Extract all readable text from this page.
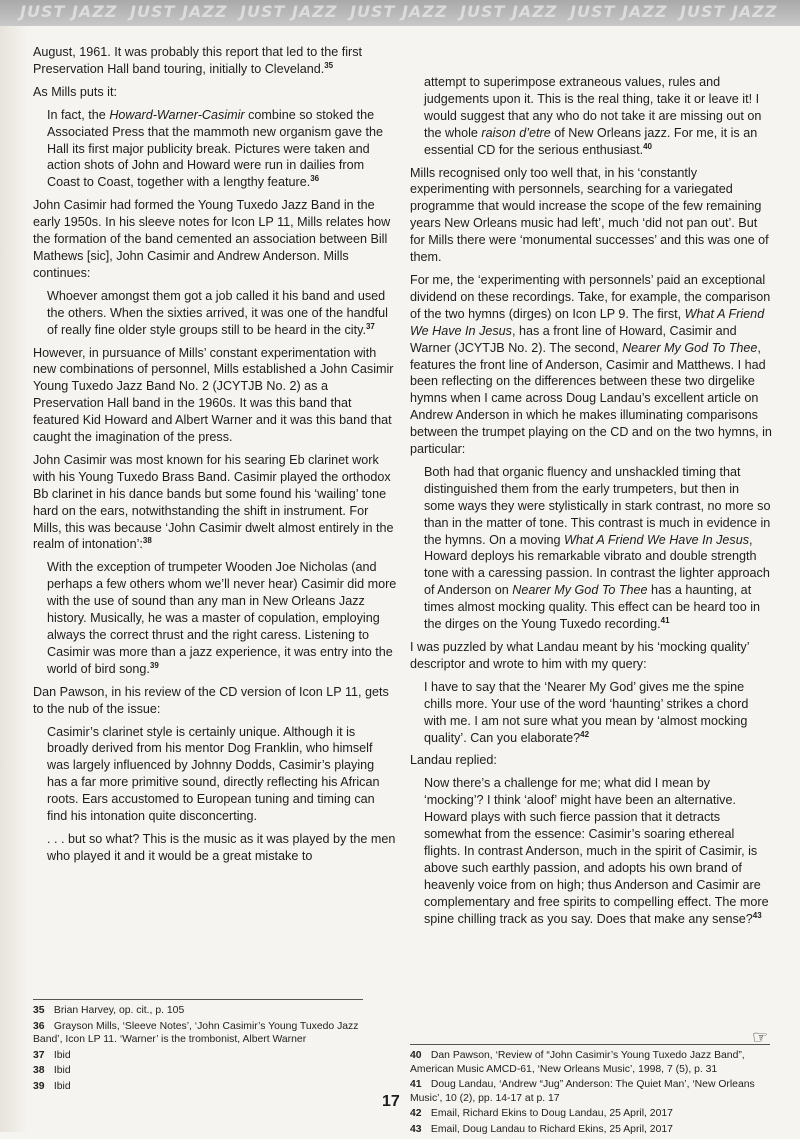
JUST JAZZ JUST JAZZ JUST JAZZ JUST JAZZ JUST JAZZ JUST JAZZ JUST JAZZ

August, 1961. It was probably this report that led to the first Preservation Hall band touring, initially to Cleveland.$^{35}$

As Mills puts it:

In fact, the Howard-Warner-Casimir combine so stoked the Associated Press that the mammoth new organism gave the Hall its first major publicity break. Pictures were taken and action shots of John and Howard were run in dailies from Coast to Coast, together with a lengthy feature.$^{36}$

John Casimir had formed the Young Tuxedo Jazz Band in the early 1950s. In his sleeve notes for Icon LP 11, Mills relates how the formation of the band cemented an association between Bill Mathews [sic], John Casimir and Andrew Anderson. Mills continues:

Whoever amongst them got a job called it his band and used the others. When the sixties arrived, it was one of the handful of really fine older style groups still to be heard in the city.$^{37}$

However, in pursuance of Mills’ constant experimentation with new combinations of personnel, Mills established a John Casimir Young Tuxedo Jazz Band No. 2 (JCYTJB No. 2) as a Preservation Hall band in the 1960s. It was this band that featured Kid Howard and Albert Warner and it was this band that caught the imagination of the press.

John Casimir was most known for his searing Eb clarinet work with his Young Tuxedo Brass Band. Casimir played the orthodox Bb clarinet in his dance bands but some found his ‘wailing’ tone hard on the ears, notwithstanding the shift in instrument. For Mills, this was because ‘John Casimir dwelt almost entirely in the realm of intonation’:$^{38}$

With the exception of trumpeter Wooden Joe Nicholas (and perhaps a few others whom we’ll never hear) Casimir did more with the use of sound than any man in New Orleans Jazz history. Musically, he was a master of copulation, employing always the correct thrust and the right caress. Listening to Casimir was more than a jazz experience, it was entry into the world of bird song.$^{39}$

Dan Pawson, in his review of the CD version of Icon LP 11, gets to the nub of the issue:

Casimir’s clarinet style is certainly unique. Although it is broadly derived from his mentor Dog Franklin, who himself was largely influenced by Johnny Dodds, Casimir’s playing has a far more primitive sound, directly reflecting his African roots. Ears accustomed to European tuning and timing can find his intonation quite disconcerting.

. . . but so what? This is the music as it was played by the men who played it and it would be a great mistake to

attempt to superimpose extraneous values, rules and judgements upon it. This is the real thing, take it or leave it! I would suggest that any who do not take it are missing out on the whole raison d’etre of New Orleans jazz. For me, it is an essential CD for the serious enthusiast.$^{40}$

Mills recognised only too well that, in his ‘constantly experimenting with personnels, searching for a variegated programme that would increase the scope of the few remaining years New Orleans music had left’, much ‘did not pan out’. But for Mills there were ‘monumental successes’ and this was one of them.

For me, the ‘experimenting with personnels’ paid an exceptional dividend on these recordings. Take, for example, the comparison of the two hymns (dirges) on Icon LP 9. The first, What A Friend We Have In Jesus, has a front line of Howard, Casimir and Warner (JCYTJB No. 2). The second, Nearer My God To Thee, features the front line of Anderson, Casimir and Matthews. I had been reflecting on the differences between these two dirgelike hymns when I came across Doug Landau’s excellent article on Andrew Anderson in which he makes illuminating comparisons between the trumpet playing on the CD and on the two hymns, in particular:

Both had that organic fluency and unshackled timing that distinguished them from the early trumpeters, but then in some ways they were stylistically in stark contrast, no more so than in the matter of tone. This contrast is much in evidence in the hymns. On a moving What A Friend We Have In Jesus, Howard deploys his remarkable vibrato and double strength tone with a caressing passion. In contrast the lighter approach of Anderson on Nearer My God To Thee has a haunting, at times almost mocking quality. This effect can be heard too in the dirges on the Young Tuxedo recording.$^{41}$

I was puzzled by what Landau meant by his ‘mocking quality’ descriptor and wrote to him with my query:

I have to say that the ‘Nearer My God’ gives me the spine chills more. Your use of the word ‘haunting’ strikes a chord with me. I am not sure what you mean by ‘almost mocking quality’. Can you elaborate?$^{42}$

Landau replied:

Now there’s a challenge for me; what did I mean by ‘mocking’? I think ‘aloof’ might have been an alternative. Howard plays with such fierce passion that it detracts somewhat from the essence: Casimir’s soaring ethereal flights. In contrast Anderson, much in the spirit of Casimir, is above such earthly passion, and adopts his own brand of heavenly voice from on high; thus Anderson and Casimir are complementary and free spirits to compelling effect. The more spine chilling track as you say. Does that make any sense?$^{43}$

35 Brian Harvey, op. cit., p. 105
36 Grayson Mills, ‘Sleeve Notes’, ‘John Casimir’s Young Tuxedo Jazz Band’, Icon LP 11. ‘Warner’ is the trombonist, Albert Warner
37 Ibid
38 Ibid
39 Ibid
40 Dan Pawson, ‘Review of “John Casimir’s Young Tuxedo Jazz Band”, American Music AMCD-61, ‘New Orleans Music’, 1998, 7 (5), p. 31
41 Doug Landau, ‘Andrew “Jug” Anderson: The Quiet Man’, ‘New Orleans Music’, 10 (2), pp. 14-17 at p. 17
42 Email, Richard Ekins to Doug Landau, 25 April, 2017
43 Email, Doug Landau to Richard Ekins, 25 April, 2017
17
☞
